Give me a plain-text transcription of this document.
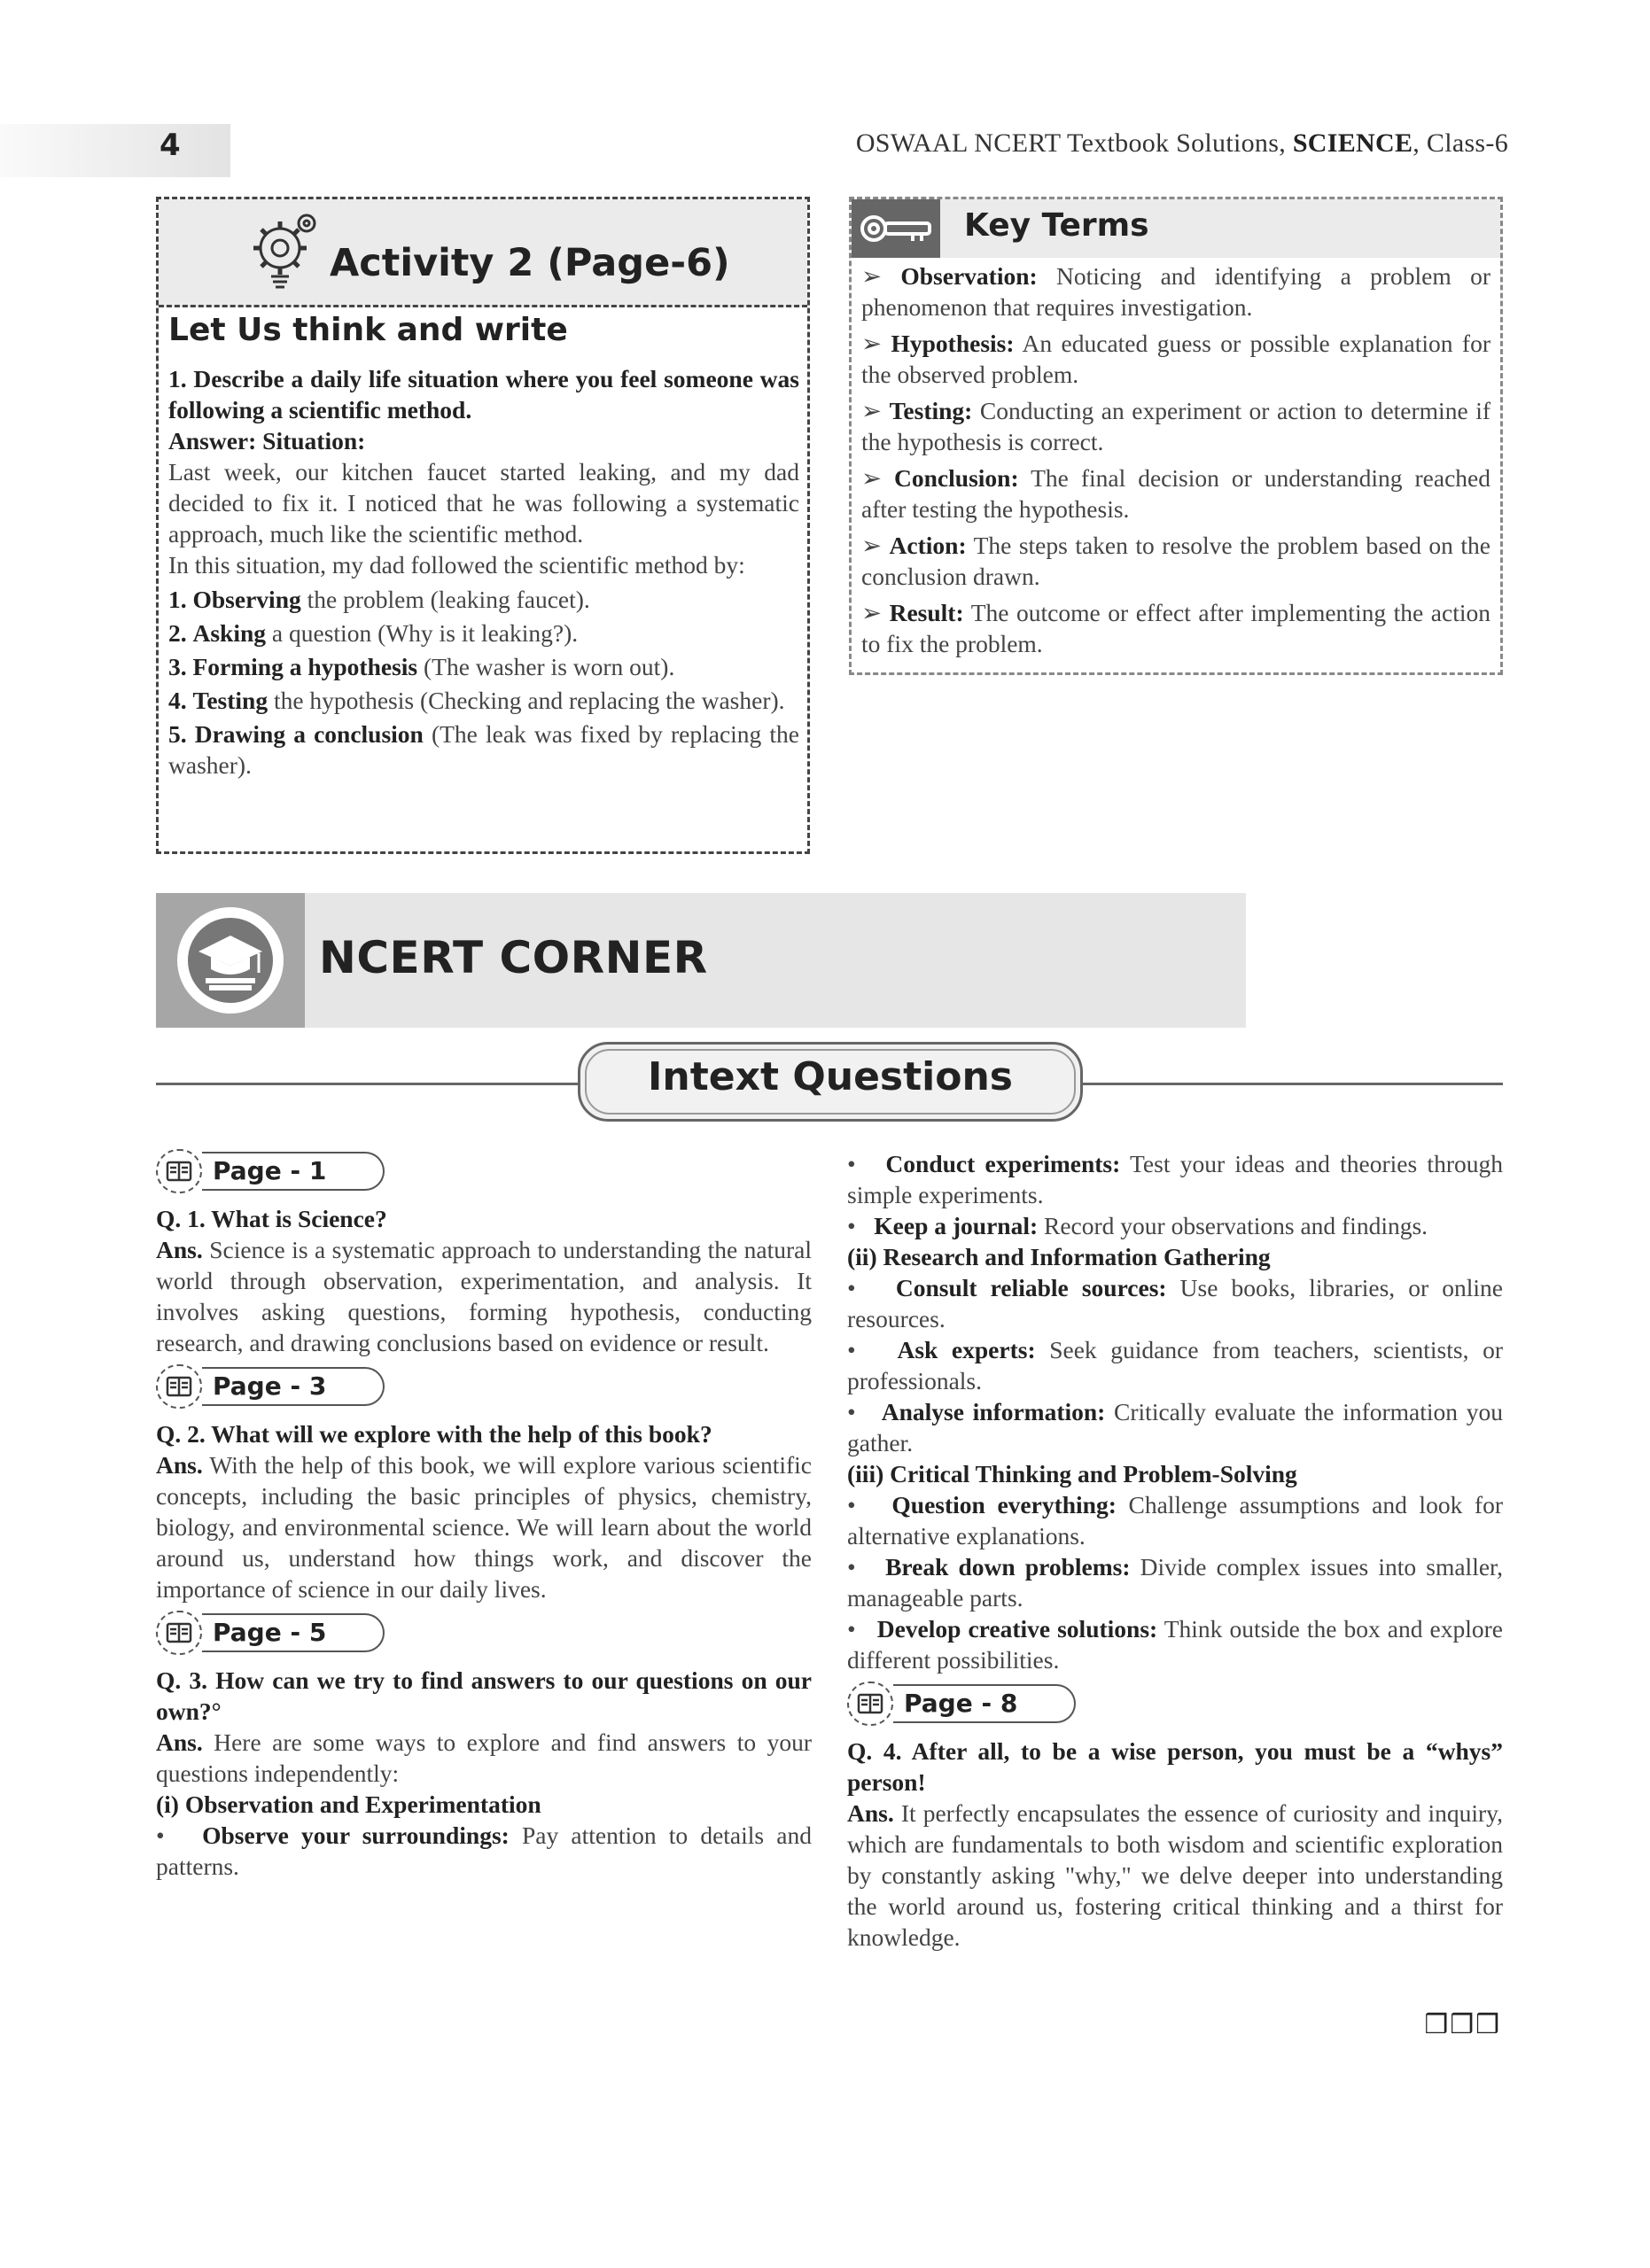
4	OSWAAL NCERT Textbook Solutions, SCIENCE, Class-6
Activity 2 (Page-6)
Let Us think and write

1. Describe a daily life situation where you feel someone was following a scientific method.

Answer: Situation:

Last week, our kitchen faucet started leaking, and my dad decided to fix it. I noticed that he was following a systematic approach, much like the scientific method.

In this situation, my dad followed the scientific method by:

1. Observing the problem (leaking faucet).

2. Asking a question (Why is it leaking?).

3. Forming a hypothesis (The washer is worn out).

4. Testing the hypothesis (Checking and replacing the washer).

5. Drawing a conclusion (The leak was fixed by replacing the washer).

Key Terms

➢ Observation: Noticing and identifying a problem or phenomenon that requires investigation.

➢ Hypothesis: An educated guess or possible explanation for the observed problem.

➢ Testing: Conducting an experiment or action to determine if the hypothesis is correct.

➢ Conclusion: The final decision or understanding reached after testing the hypothesis.

➢ Action: The steps taken to resolve the problem based on the conclusion drawn.

➢ Result: The outcome or effect after implementing the action to fix the problem.

NCERT CORNER
Intext Questions
Page - 1

Q. 1. What is Science?

Ans. Science is a systematic approach to understanding the natural world through observation, experimentation, and analysis. It involves asking questions, forming hypothesis, conducting research, and drawing conclusions based on evidence or result.

Page - 3

Q. 2. What will we explore with the help of this book?

Ans. With the help of this book, we will explore various scientific concepts, including the basic principles of physics, chemistry, biology, and environmental science. We will learn about the world around us, understand how things work, and discover the importance of science in our daily lives.

Page - 5

Q. 3. How can we try to find answers to our questions on our own?°

Ans. Here are some ways to explore and find answers to your questions independently:

(i) Observation and Experimentation

•   Observe your surroundings: Pay attention to details and patterns.

•   Conduct experiments: Test your ideas and theories through simple experiments.

•   Keep a journal: Record your observations and findings.

(ii) Research and Information Gathering

•   Consult reliable sources: Use books, libraries, or online resources.

•   Ask experts: Seek guidance from teachers, scientists, or professionals.

•   Analyse information: Critically evaluate the information you gather.

(iii) Critical Thinking and Problem-Solving

•   Question everything: Challenge assumptions and look for alternative explanations.

•   Break down problems: Divide complex issues into smaller, manageable parts.

•   Develop creative solutions: Think outside the box and explore different possibilities.

Page - 8

Q. 4. After all, to be a wise person, you must be a “whys” person!

Ans. It perfectly encapsulates the essence of curiosity and inquiry, which are fundamentals to both wisdom and scientific exploration by constantly asking "why," we delve deeper into understanding the world around us, fostering critical thinking and a thirst for knowledge.

❒❒❒
